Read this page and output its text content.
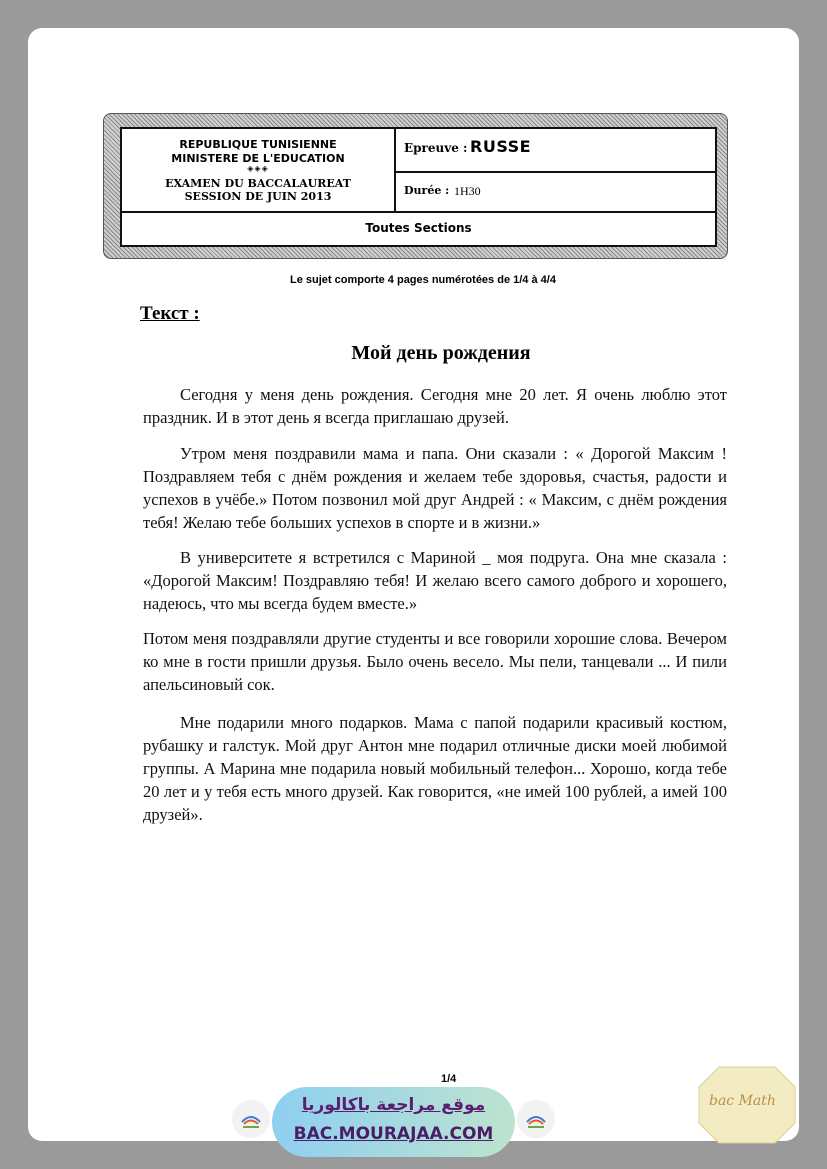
REPUBLIQUE TUNISIENNE
MINISTERE DE L'EDUCATION
◈◈◈
EXAMEN DU BACCALAUREAT
SESSION DE JUIN 2013
Epreuve : RUSSE
Durée : 1H30
Toutes Sections
Le sujet comporte 4 pages numérotées de 1/4 à 4/4
Текст :
Мой день рождения

Сегодня у меня день рождения. Сегодня мне 20 лет. Я очень люблю этот праздник. И в этот день я всегда приглашаю друзей.

Утром меня поздравили мама и папа. Они сказали : « Дорогой Максим ! Поздравляем тебя с днём рождения и желаем тебе здоровья, счастья, радости и успехов в учёбе.» Потом позвонил мой друг Андрей : « Максим, с днём рождения тебя! Желаю тебе больших успехов в спорте и в жизни.»

В университете я встретился с Мариной _ моя подруга. Она мне сказала : «Дорогой Максим! Поздравляю тебя! И желаю всего самого доброго и хорошего, надеюсь, что мы всегда будем вместе.»

Потом меня поздравляли другие студенты и все говорили хорошие слова. Вечером ко мне в гости пришли друзья. Было очень весело. Мы пели, танцевали ... И пили апельсиновый сок.

Мне подарили много подарков. Мама с папой подарили красивый костюм, рубашку и галстук. Мой друг Антон мне подарил отличные диски моей любимой группы. А Марина мне подарила новый мобильный телефон... Хорошо, когда тебе 20 лет и у тебя есть много друзей. Как говорится, «не имей 100 рублей, а имей 100 друзей».

1/4
موقع مراجعة باكالوريا
BAC.MOURAJAA.COM
bac Math
